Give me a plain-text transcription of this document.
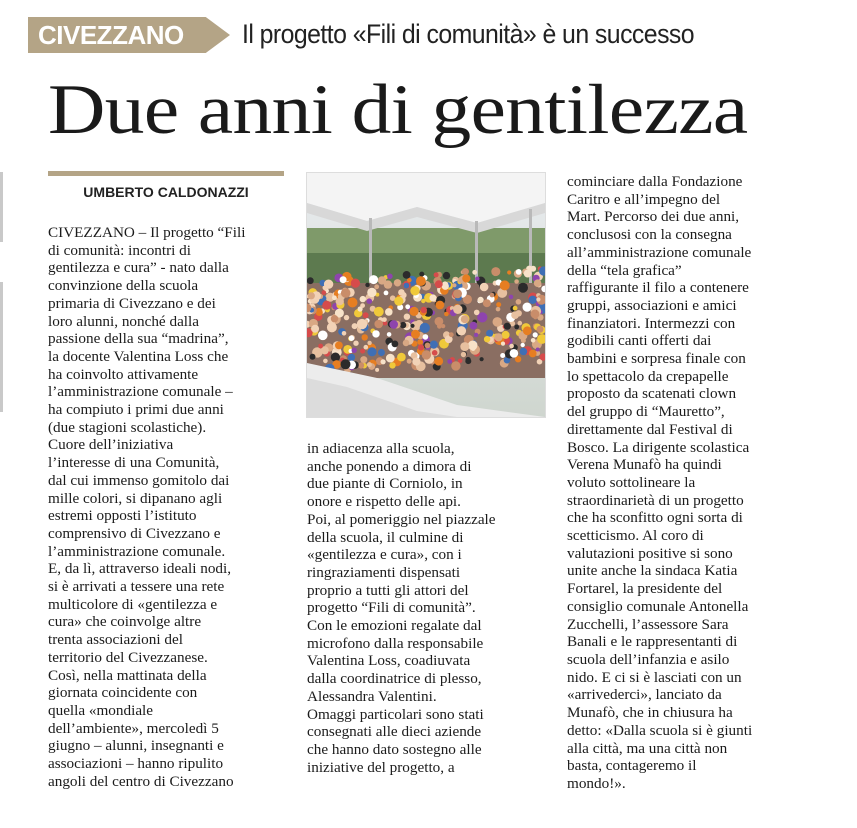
CIVEZZANO Il progetto «Fili di comunità» è un successo
Due anni di gentilezza
UMBERTO CALDONAZZI
CIVEZZANO – Il progetto “Fili
di comunità: incontri di
gentilezza e cura” - nato dalla
convinzione della scuola
primaria di Civezzano e dei
loro alunni, nonché dalla
passione della sua “madrina”,
la docente Valentina Loss che
ha coinvolto attivamente
l’amministrazione comunale –
ha compiuto i primi due anni
(due stagioni scolastiche).
Cuore dell’iniziativa
l’interesse di una Comunità,
dal cui immenso gomitolo dai
mille colori, si dipanano agli
estremi opposti l’istituto
comprensivo di Civezzano e
l’amministrazione comunale.
E, da lì, attraverso ideali nodi,
si è arrivati a tessere una rete
multicolore di «gentilezza e
cura» che coinvolge altre
trenta associazioni del
territorio del Civezzanese.
Così, nella mattinata della
giornata coincidente con
quella «mondiale
dell’ambiente», mercoledì 5
giugno – alunni, insegnanti e
associazioni – hanno ripulito
angoli del centro di Civezzano
in adiacenza alla scuola,
anche ponendo a dimora di
due piante di Corniolo, in
onore e rispetto delle api.
Poi, al pomeriggio nel piazzale
della scuola, il culmine di
«gentilezza e cura», con i
ringraziamenti dispensati
proprio a tutti gli attori del
progetto “Fili di comunità”.
Con le emozioni regalate dal
microfono dalla responsabile
Valentina Loss, coadiuvata
dalla coordinatrice di plesso,
Alessandra Valentini.
Omaggi particolari sono stati
consegnati alle dieci aziende
che hanno dato sostegno alle
iniziative del progetto, a
cominciare dalla Fondazione
Caritro e all’impegno del
Mart. Percorso dei due anni,
conclusosi con la consegna
all’amministrazione comunale
della “tela grafica”
raffigurante il filo a contenere
gruppi, associazioni e amici
finanziatori. Intermezzi con
godibili canti offerti dai
bambini e sorpresa finale con
lo spettacolo da crepapelle
proposto da scatenati clown
del gruppo di “Mauretto”,
direttamente dal Festival di
Bosco. La dirigente scolastica
Verena Munafò ha quindi
voluto sottolineare la
straordinarietà di un progetto
che ha sconfitto ogni sorta di
scetticismo. Al coro di
valutazioni positive si sono
unite anche la sindaca Katia
Fortarel, la presidente del
consiglio comunale Antonella
Zucchelli, l’assessore Sara
Banali e le rappresentanti di
scuola dell’infanzia e asilo
nido. E ci si è lasciati con un
«arrivederci», lanciato da
Munafò, che in chiusura ha
detto: «Dalla scuola si è giunti
alla città, ma una città non
basta, contageremo il
mondo!».
